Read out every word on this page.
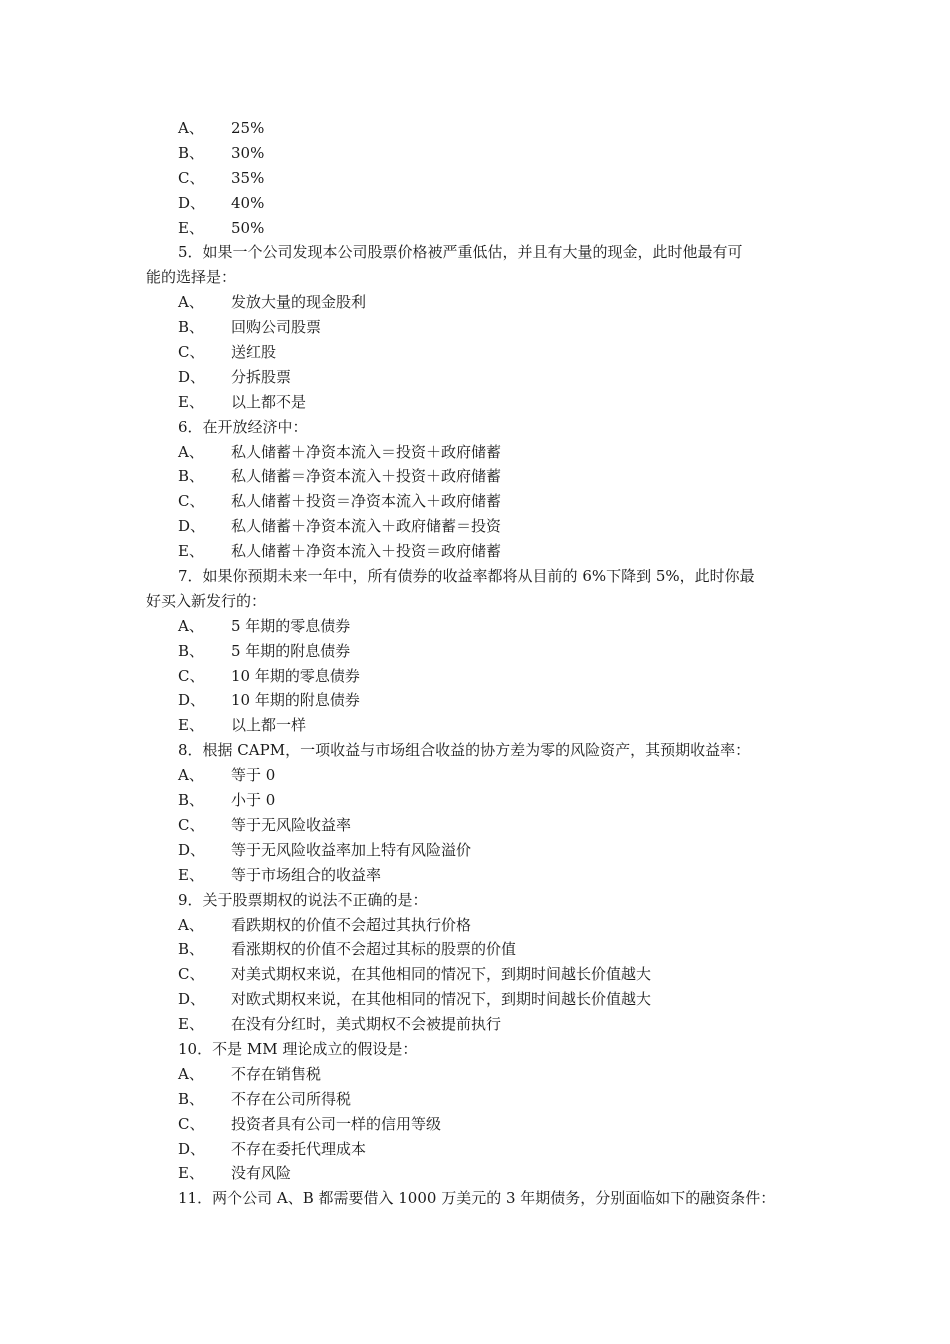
A、 25%
B、 30%
C、 35%
D、 40%
E、 50%
5．如果一个公司发现本公司股票价格被严重低估，并且有大量的现金，此时他最有可
能的选择是：
A、 发放大量的现金股利
B、 回购公司股票
C、 送红股
D、 分拆股票
E、 以上都不是
6．在开放经济中：
A、 私人储蓄＋净资本流入＝投资＋政府储蓄
B、 私人储蓄＝净资本流入＋投资＋政府储蓄
C、 私人储蓄＋投资＝净资本流入＋政府储蓄
D、 私人储蓄＋净资本流入＋政府储蓄＝投资
E、 私人储蓄＋净资本流入＋投资＝政府储蓄
7．如果你预期未来一年中，所有债券的收益率都将从目前的 6%下降到 5%，此时你最
好买入新发行的：
A、 5 年期的零息债券
B、 5 年期的附息债券
C、 10 年期的零息债券
D、 10 年期的附息债券
E、 以上都一样
8．根据 CAPM，一项收益与市场组合收益的协方差为零的风险资产，其预期收益率：
A、 等于 0
B、 小于 0
C、 等于无风险收益率
D、 等于无风险收益率加上特有风险溢价
E、 等于市场组合的收益率
9．关于股票期权的说法不正确的是：
A、 看跌期权的价值不会超过其执行价格
B、 看涨期权的价值不会超过其标的股票的价值
C、 对美式期权来说，在其他相同的情况下，到期时间越长价值越大
D、 对欧式期权来说，在其他相同的情况下，到期时间越长价值越大
E、 在没有分红时，美式期权不会被提前执行
10．不是 MM 理论成立的假设是：
A、 不存在销售税
B、 不存在公司所得税
C、 投资者具有公司一样的信用等级
D、 不存在委托代理成本
E、 没有风险
11．两个公司 A、B 都需要借入 1000 万美元的 3 年期债务，分别面临如下的融资条件：
